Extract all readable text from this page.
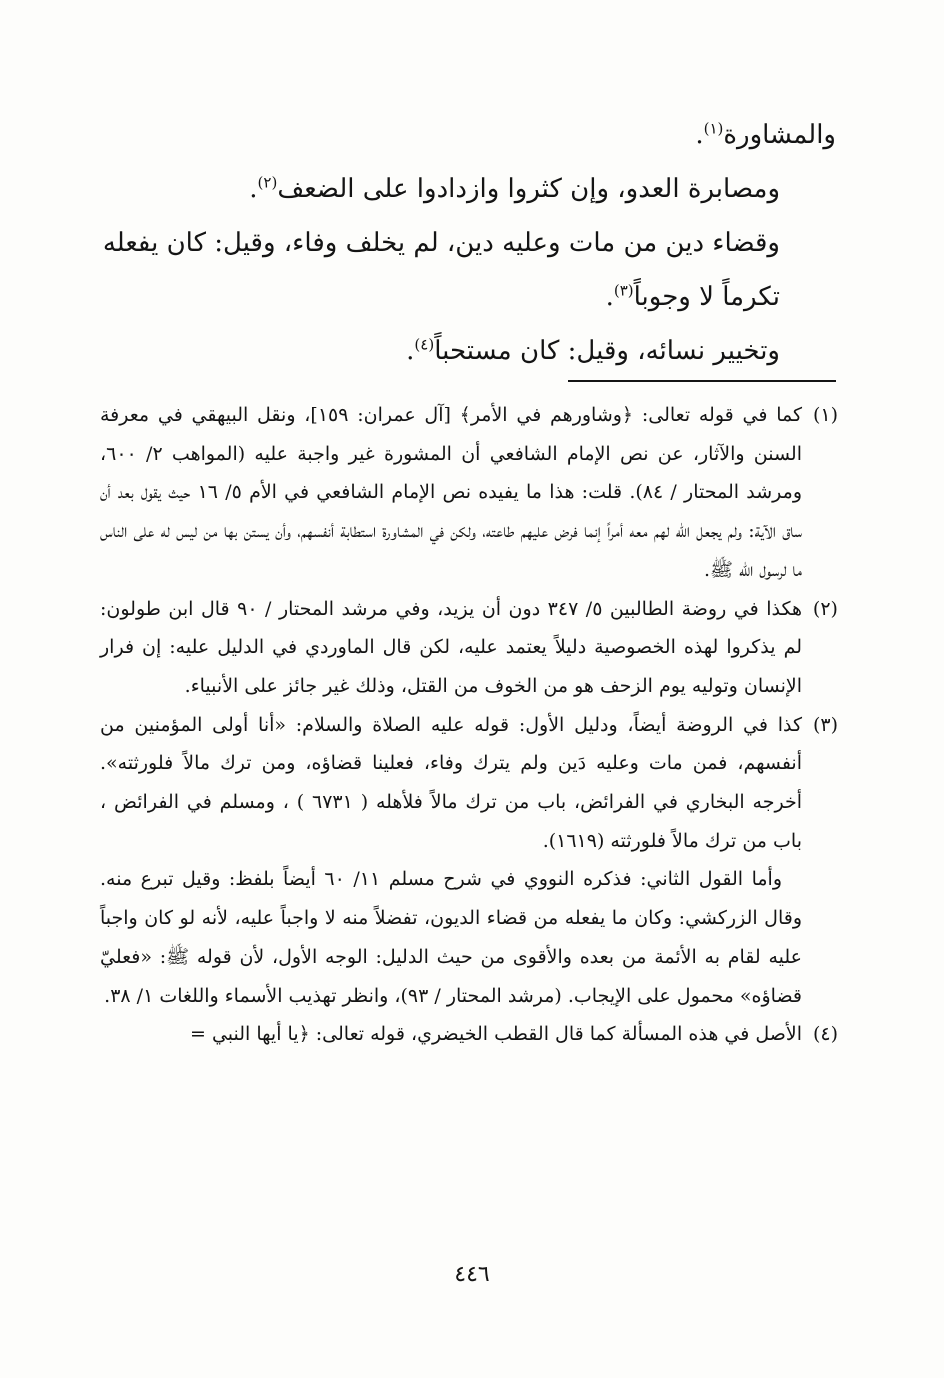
والمشاورة$^{(١)}$.

ومصابرة العدو، وإن كثروا وازدادوا على الضعف$^{(٢)}$.

وقضاء دين من مات وعليه دين، لم يخلف وفاء، وقيل: كان يفعله تكرماً لا وجوباً$^{(٣)}$.

وتخيير نسائه، وقيل: كان مستحباً$^{(٤)}$.

(١)كما في قوله تعالى: ﴿وشاورهم في الأمر﴾ [آل عمران: ١٥٩]، ونقل البيهقي في معرفة السنن والآثار، عن نص الإمام الشافعي أن المشورة غير واجبة عليه (المواهب ٢/ ٦٠٠، ومرشد المحتار / ٨٤). قلت: هذا ما يفيده نص الإمام الشافعي في الأم ٥/ ١٦ حيث يقول بعد أن ساق الآية: ولم يجعل الله لهم معه أمراً إنما فرض عليهم طاعته، ولكن في المشاورة استطابة أنفسهم، وأن يستن بها من ليس له على الناس ما لرسول الله ﷺ.

(٢)هكذا في روضة الطالبين ٥/ ٣٤٧ دون أن يزيد، وفي مرشد المحتار / ٩٠ قال ابن طولون: لم يذكروا لهذه الخصوصية دليلاً يعتمد عليه، لكن قال الماوردي في الدليل عليه: إن فرار الإنسان وتوليه يوم الزحف هو من الخوف من القتل، وذلك غير جائز على الأنبياء.

(٣)كذا في الروضة أيضاً، ودليل الأول: قوله عليه الصلاة والسلام: «أنا أولى المؤمنين من أنفسهم، فمن مات وعليه دَين ولم يترك وفاء، فعلينا قضاؤه، ومن ترك مالاً فلورثته». أخرجه البخاري في الفرائض، باب من ترك مالاً فلأهله ( ٦٧٣١ ) ، ومسلم في الفرائض ، باب من ترك مالاً فلورثته (١٦١٩).

وأما القول الثاني: فذكره النووي في شرح مسلم ١١/ ٦٠ أيضاً بلفظ: وقيل تبرع منه. وقال الزركشي: وكان ما يفعله من قضاء الديون، تفضلاً منه لا واجباً عليه، لأنه لو كان واجباً عليه لقام به الأئمة من بعده والأقوى من حيث الدليل: الوجه الأول، لأن قوله ﷺ: «فعليّ قضاؤه» محمول على الإيجاب. (مرشد المحتار / ٩٣)، وانظر تهذيب الأسماء واللغات ١/ ٣٨.

(٤)الأصل في هذه المسألة كما قال القطب الخيضري، قوله تعالى: ﴿يا أيها النبي =

٤٤٦
